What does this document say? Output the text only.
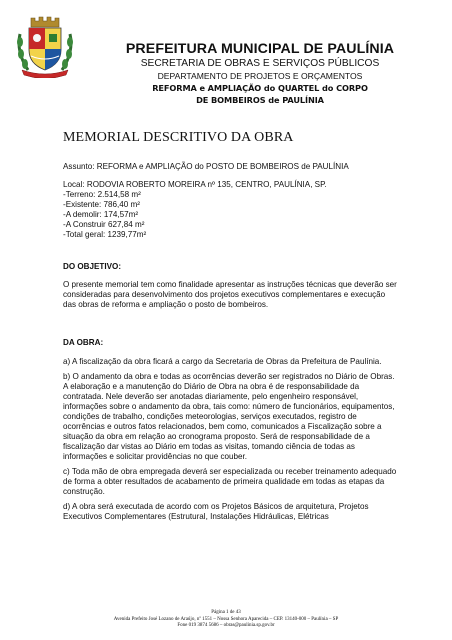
PREFEITURA MUNICIPAL DE PAULÍNIA
SECRETARIA DE OBRAS E SERVIÇOS PÚBLICOS
DEPARTAMENTO DE PROJETOS E ORÇAMENTOS
REFORMA e AMPLIAÇÃO do QUARTEL do CORPO
DE BOMBEIROS de PAULÍNIA
MEMORIAL DESCRITIVO DA OBRA
Assunto: REFORMA e AMPLIAÇÃO do POSTO DE BOMBEIROS de PAULÍNIA
Local: RODOVIA ROBERTO MOREIRA nº 135, CENTRO, PAULÍNIA, SP.
-Terreno: 2.514,58 m²
-Existente: 786,40 m²
-A demolir: 174,57m²
-A Construir 627,84 m²
-Total geral: 1239,77m²
DO OBJETIVO:
O presente memorial tem como finalidade apresentar as instruções técnicas que deverão ser consideradas para desenvolvimento dos projetos executivos complementares e execução das obras de reforma e ampliação o posto de bombeiros.
DA OBRA:
a) A fiscalização da obra ficará a cargo da Secretaria de Obras da Prefeitura de Paulínia.
b) O andamento da obra e todas as ocorrências deverão ser registrados no Diário de Obras. A elaboração e a manutenção do Diário de Obra na obra é de responsabilidade da contratada. Nele deverão ser anotadas diariamente, pelo engenheiro responsável, informações sobre o andamento da obra, tais como: número de funcionários, equipamentos, condições de trabalho, condições meteorologias, serviços executados, registro de ocorrências e outros fatos relacionados, bem como, comunicados a Fiscalização sobre a situação da obra em relação ao cronograma proposto. Será de responsabilidade de a fiscalização dar vistas ao Diário em todas as visitas, tomando ciência de todas as informações e solicitar providências no que couber.
c) Toda mão de obra empregada deverá ser especializada ou receber treinamento adequado de forma a obter resultados de acabamento de primeira qualidade em todas as etapas da construção.
d) A obra será executada de acordo com os Projetos Básicos de arquitetura, Projetos Executivos Complementares (Estrutural, Instalações Hidráulicas, Elétricas
Página 1 de 43
Avenida Prefeito José Lozano de Araújo, nº 1551 – Nossa Senhora Aparecida – CEP. 13140-000 – Paulínia – SP
Fone 019 3874 5686 – obras@paulinia.sp.gov.br
